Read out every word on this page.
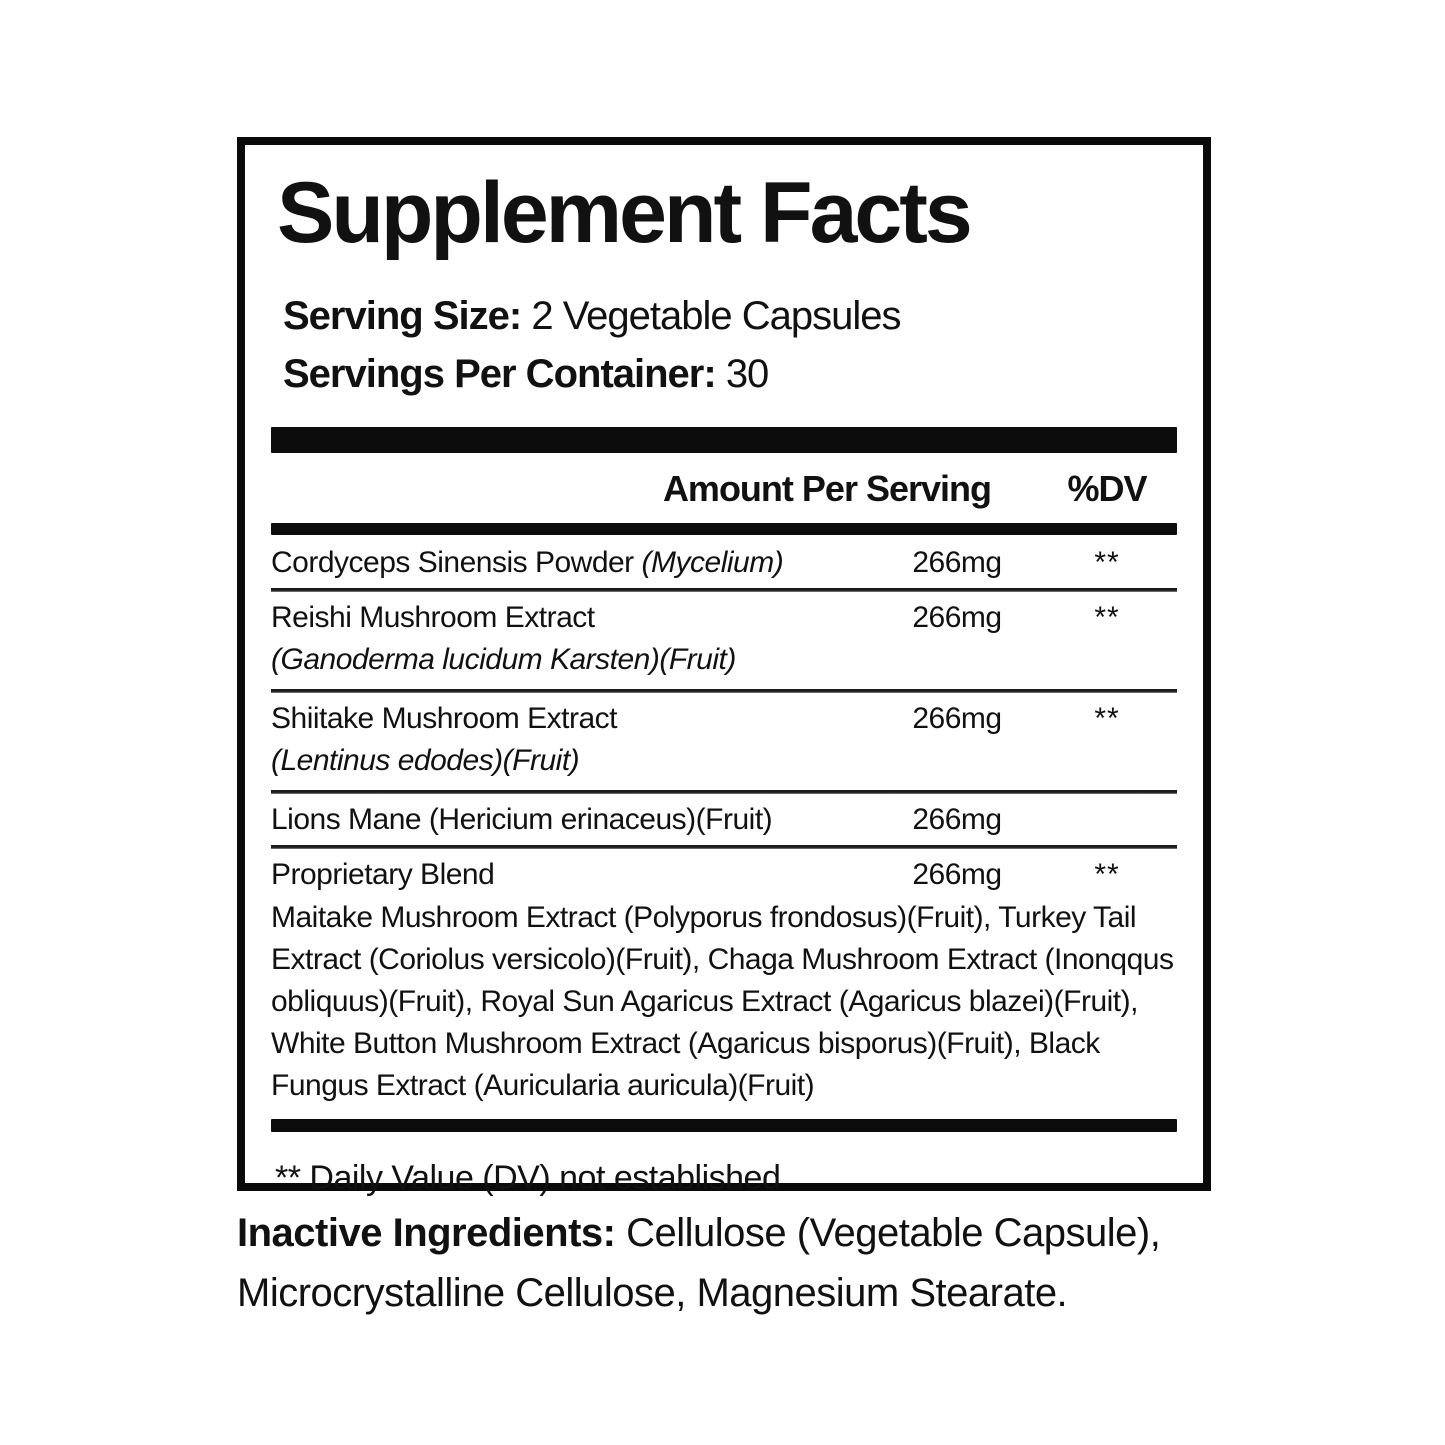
Supplement Facts
Serving Size: 2 Vegetable Capsules
Servings Per Container: 30
Amount Per Serving	%DV
Cordyceps Sinensis Powder (Mycelium)	266mg	**
Reishi Mushroom Extract	266mg	**
(Ganoderma lucidum Karsten)(Fruit)
Shiitake Mushroom Extract	266mg	**
(Lentinus edodes)(Fruit)
Lions Mane (Hericium erinaceus)(Fruit)	266mg
Proprietary Blend	266mg	**
Maitake Mushroom Extract (Polyporus frondosus)(Fruit), Turkey Tail Extract (Coriolus versicolo)(Fruit), Chaga Mushroom Extract (Inonqqus obliquus)(Fruit), Royal Sun Agaricus Extract (Agaricus blazei)(Fruit), White Button Mushroom Extract (Agaricus bisporus)(Fruit), Black Fungus Extract (Auricularia auricula)(Fruit)
** Daily Value (DV) not established
Inactive Ingredients: Cellulose (Vegetable Capsule), Microcrystalline Cellulose, Magnesium Stearate.
